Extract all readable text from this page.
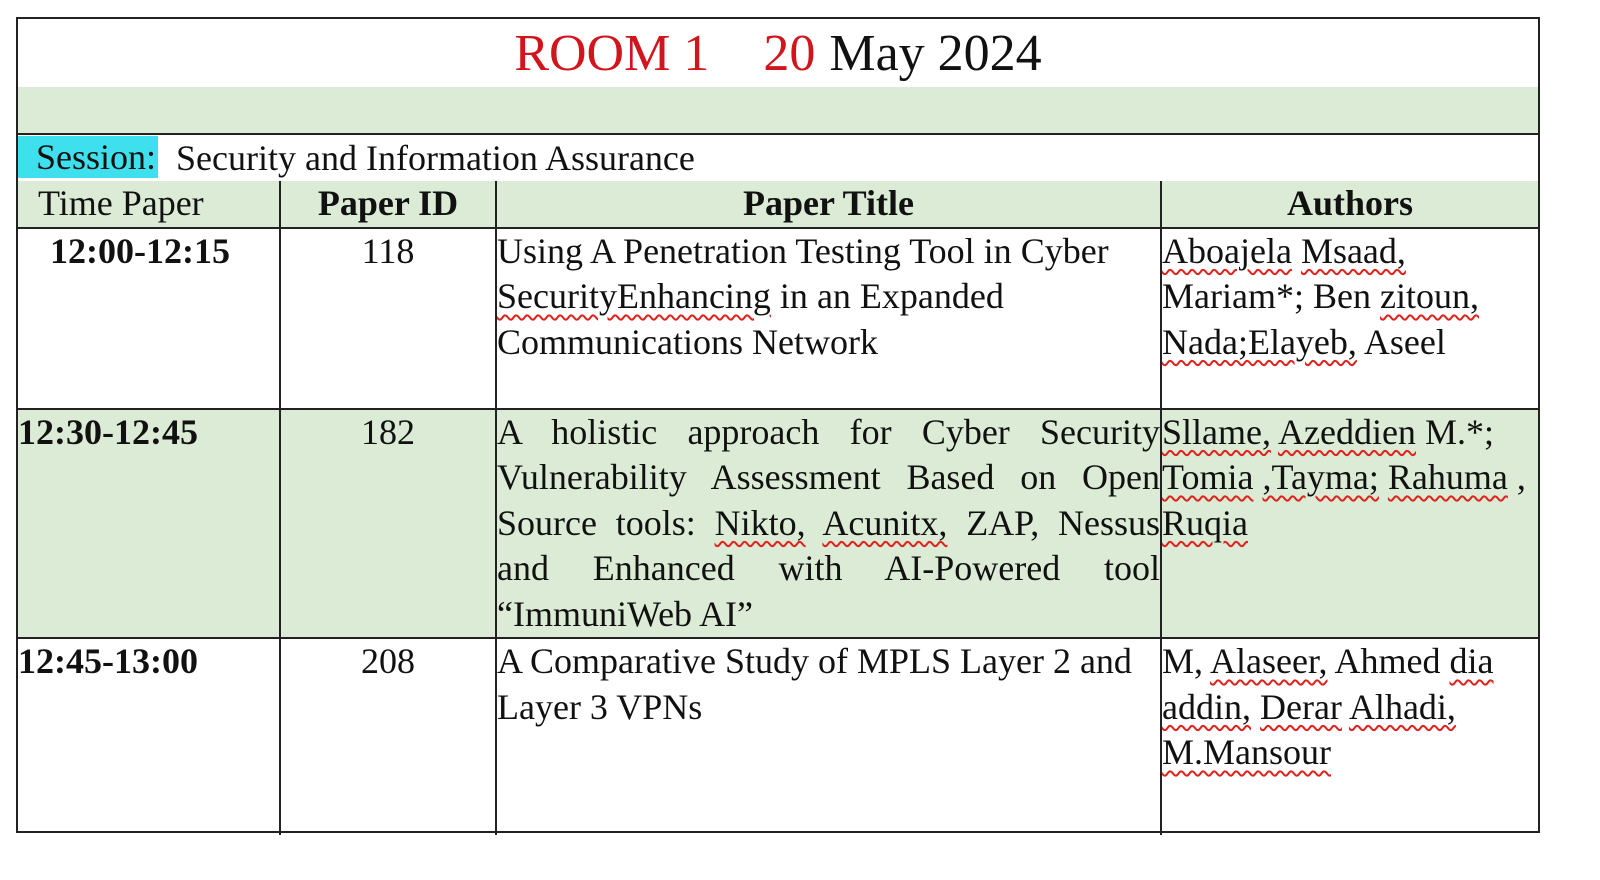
ROOM 1 20 May 2024
Session: Security and Information Assurance
Time Paper	Paper ID	Paper Title	Authors
12:00-12:15	118	Using A Penetration Testing Tool in Cyber SecurityEnhancing in an Expanded Communications Network	Aboajela Msaad, Mariam*; Ben zitoun, Nada;Elayeb, Aseel
12:30-12:45	182	A holistic approach for Cyber Security Vulnerability Assessment Based on Open Source tools: Nikto, Acunitx, ZAP, Nessus and Enhanced with AI-Powered tool “ImmuniWeb AI”	Sllame, Azeddien M.*; Tomia ,Tayma; Rahuma , Ruqia
12:45-13:00	208	A Comparative Study of MPLS Layer 2 and Layer 3 VPNs	M, Alaseer, Ahmed dia addin, Derar Alhadi, M.Mansour
